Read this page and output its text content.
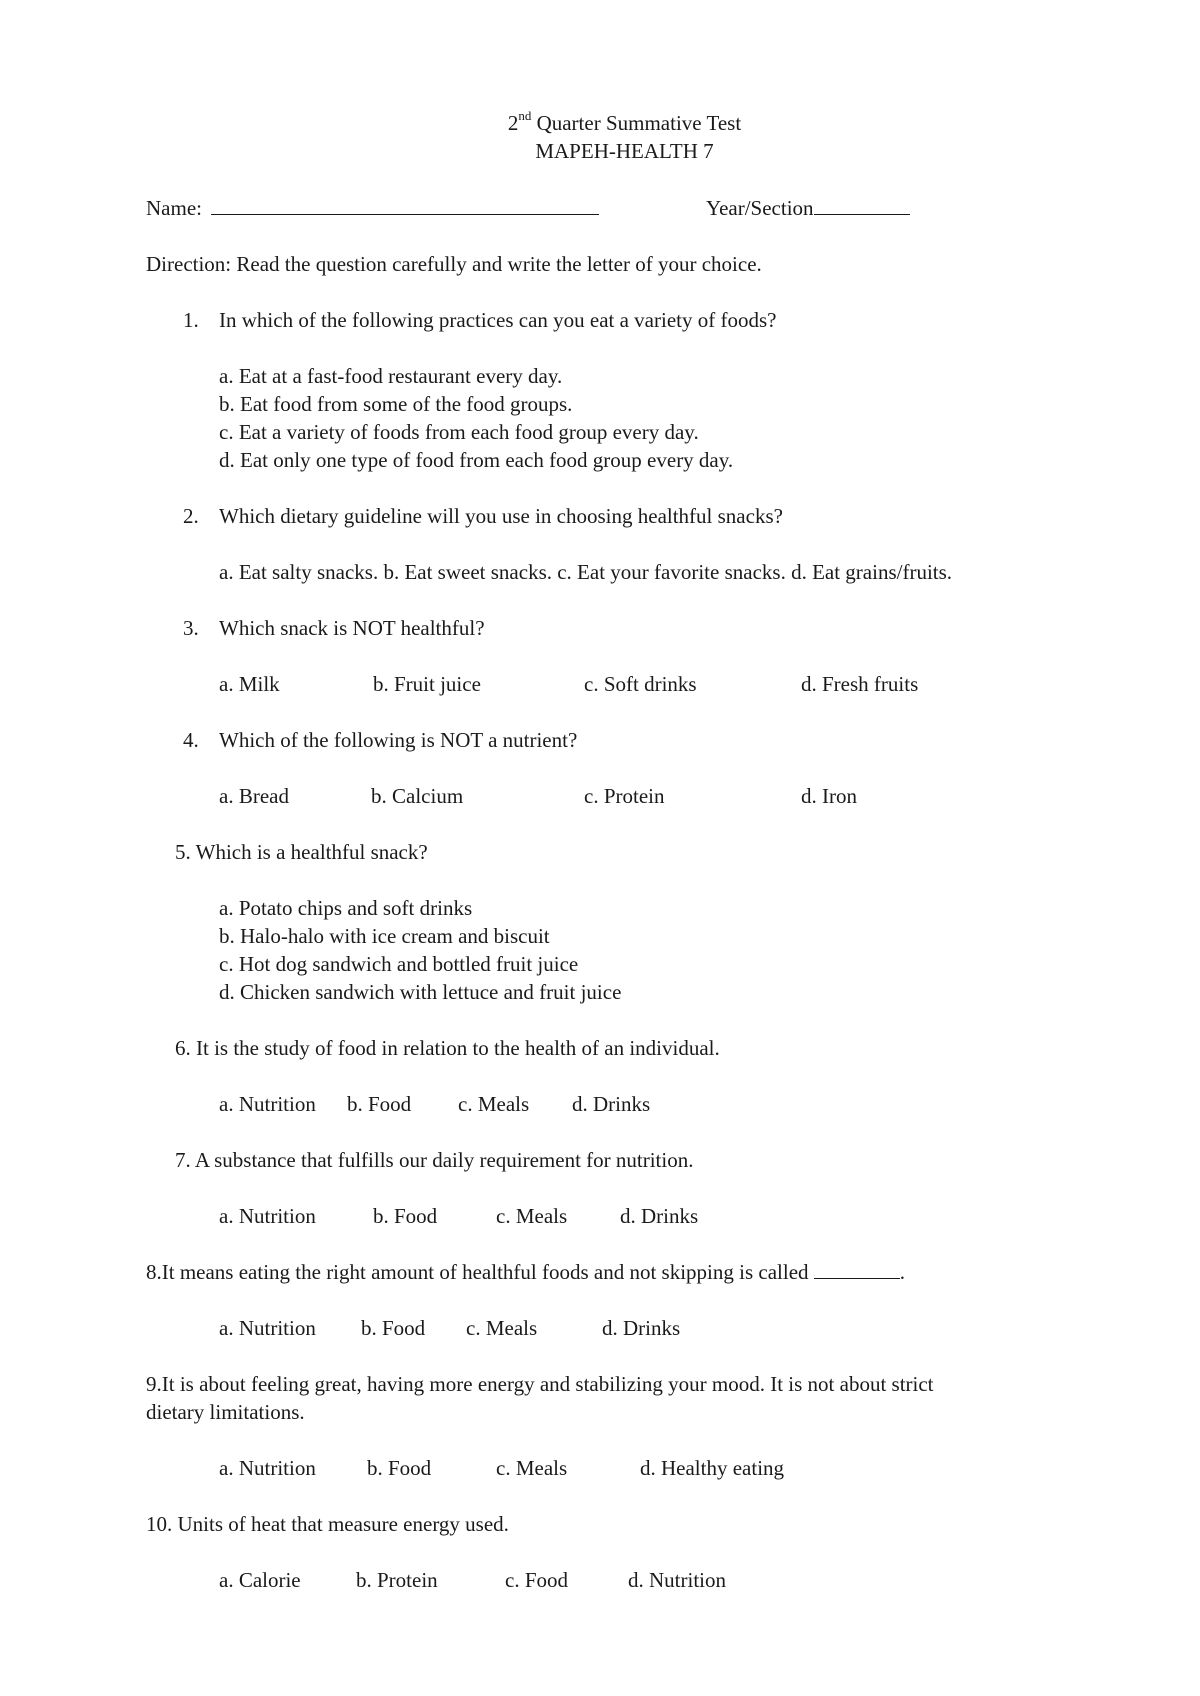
2nd Quarter Summative Test
MAPEH-HEALTH 7
Name:	Year/Section
Direction: Read the question carefully and write the letter of your choice.
1. In which of the following practices can you eat a variety of foods?
a. Eat at a fast-food restaurant every day.
b. Eat food from some of the food groups.
c. Eat a variety of foods from each food group every day.
d. Eat only one type of food from each food group every day.
2. Which dietary guideline will you use in choosing healthful snacks?
a. Eat salty snacks. b. Eat sweet snacks. c. Eat your favorite snacks. d. Eat grains/fruits.
3. Which snack is NOT healthful?
a. Milk	b. Fruit juice	c. Soft drinks	d. Fresh fruits
4. Which of the following is NOT a nutrient?
a. Bread	b. Calcium	c. Protein	d. Iron
5. Which is a healthful snack?
a. Potato chips and soft drinks
b. Halo-halo with ice cream and biscuit
c. Hot dog sandwich and bottled fruit juice
d. Chicken sandwich with lettuce and fruit juice
6. It is the study of food in relation to the health of an individual.
a. Nutrition b. Food c. Meals d. Drinks
7. A substance that fulfills our daily requirement for nutrition.
a. Nutrition	b. Food	c. Meals	d. Drinks
8.It means eating the right amount of healthful foods and not skipping is called	.
a. Nutrition b. Food c. Meals	d. Drinks
9.It is about feeling great, having more energy and stabilizing your mood. It is not about strict
dietary limitations.
a. Nutrition b. Food	c. Meals	d. Healthy eating
10. Units of heat that measure energy used.
a. Calorie	b. Protein	c. Food	d. Nutrition
